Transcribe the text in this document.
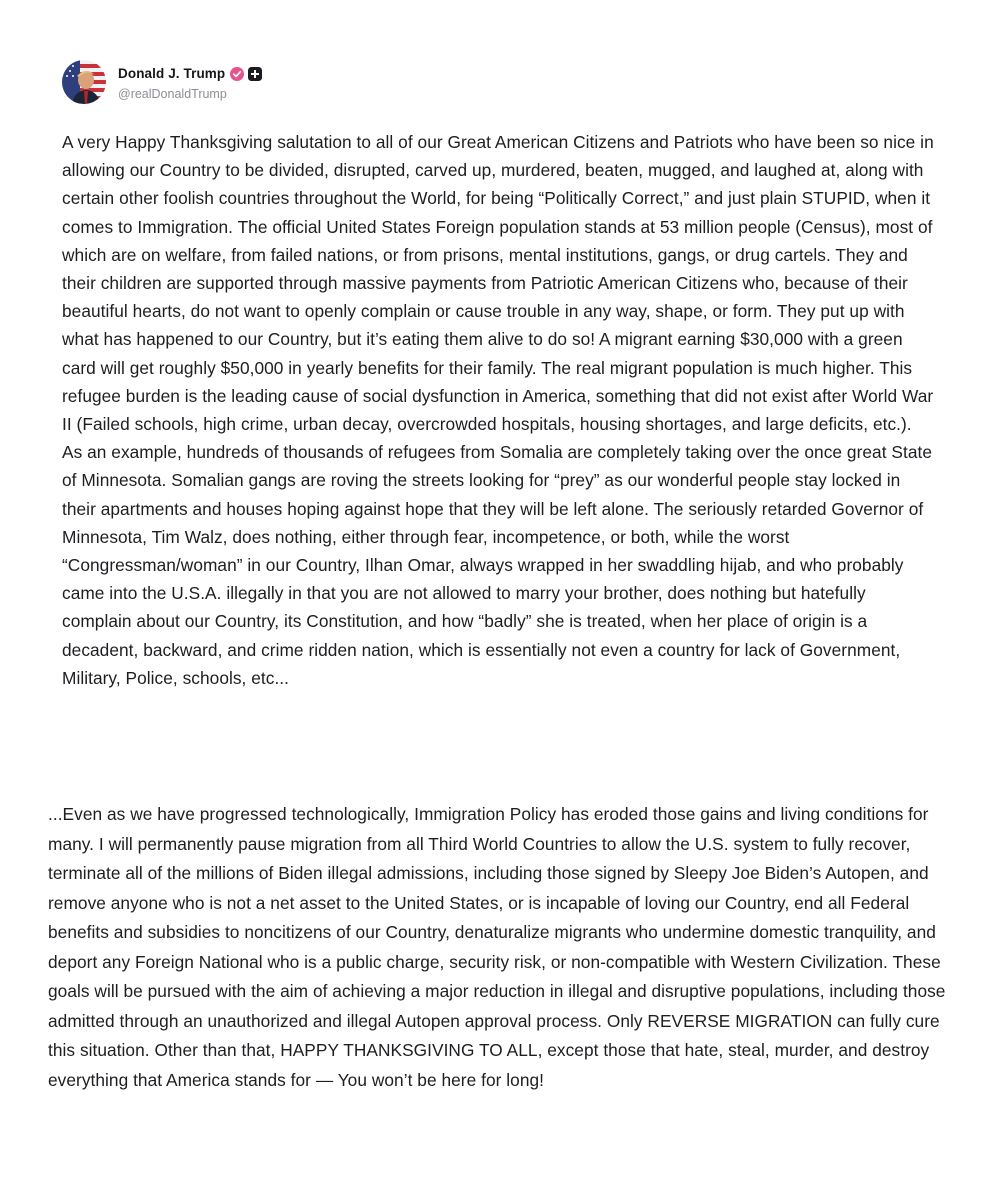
Donald J. Trump
@realDonaldTrump

A very Happy Thanksgiving salutation to all of our Great American Citizens and Patriots who have been so nice in allowing our Country to be divided, disrupted, carved up, murdered, beaten, mugged, and laughed at, along with certain other foolish countries throughout the World, for being “Politically Correct,” and just plain STUPID, when it comes to Immigration. The official United States Foreign population stands at 53 million people (Census), most of which are on welfare, from failed nations, or from prisons, mental institutions, gangs, or drug cartels. They and their children are supported through massive payments from Patriotic American Citizens who, because of their beautiful hearts, do not want to openly complain or cause trouble in any way, shape, or form. They put up with what has happened to our Country, but it’s eating them alive to do so! A migrant earning $30,000 with a green card will get roughly $50,000 in yearly benefits for their family. The real migrant population is much higher. This refugee burden is the leading cause of social dysfunction in America, something that did not exist after World War II (Failed schools, high crime, urban decay, overcrowded hospitals, housing shortages, and large deficits, etc.). As an example, hundreds of thousands of refugees from Somalia are completely taking over the once great State of Minnesota. Somalian gangs are roving the streets looking for “prey” as our wonderful people stay locked in their apartments and houses hoping against hope that they will be left alone. The seriously retarded Governor of Minnesota, Tim Walz, does nothing, either through fear, incompetence, or both, while the worst “Congressman/woman” in our Country, Ilhan Omar, always wrapped in her swaddling hijab, and who probably came into the U.S.A. illegally in that you are not allowed to marry your brother, does nothing but hatefully complain about our Country, its Constitution, and how “badly” she is treated, when her place of origin is a decadent, backward, and crime ridden nation, which is essentially not even a country for lack of Government, Military, Police, schools, etc...

...Even as we have progressed technologically, Immigration Policy has eroded those gains and living conditions for many. I will permanently pause migration from all Third World Countries to allow the U.S. system to fully recover, terminate all of the millions of Biden illegal admissions, including those signed by Sleepy Joe Biden’s Autopen, and remove anyone who is not a net asset to the United States, or is incapable of loving our Country, end all Federal benefits and subsidies to noncitizens of our Country, denaturalize migrants who undermine domestic tranquility, and deport any Foreign National who is a public charge, security risk, or non-compatible with Western Civilization. These goals will be pursued with the aim of achieving a major reduction in illegal and disruptive populations, including those admitted through an unauthorized and illegal Autopen approval process. Only REVERSE MIGRATION can fully cure this situation. Other than that, HAPPY THANKSGIVING TO ALL, except those that hate, steal, murder, and destroy everything that America stands for — You won’t be here for long!
